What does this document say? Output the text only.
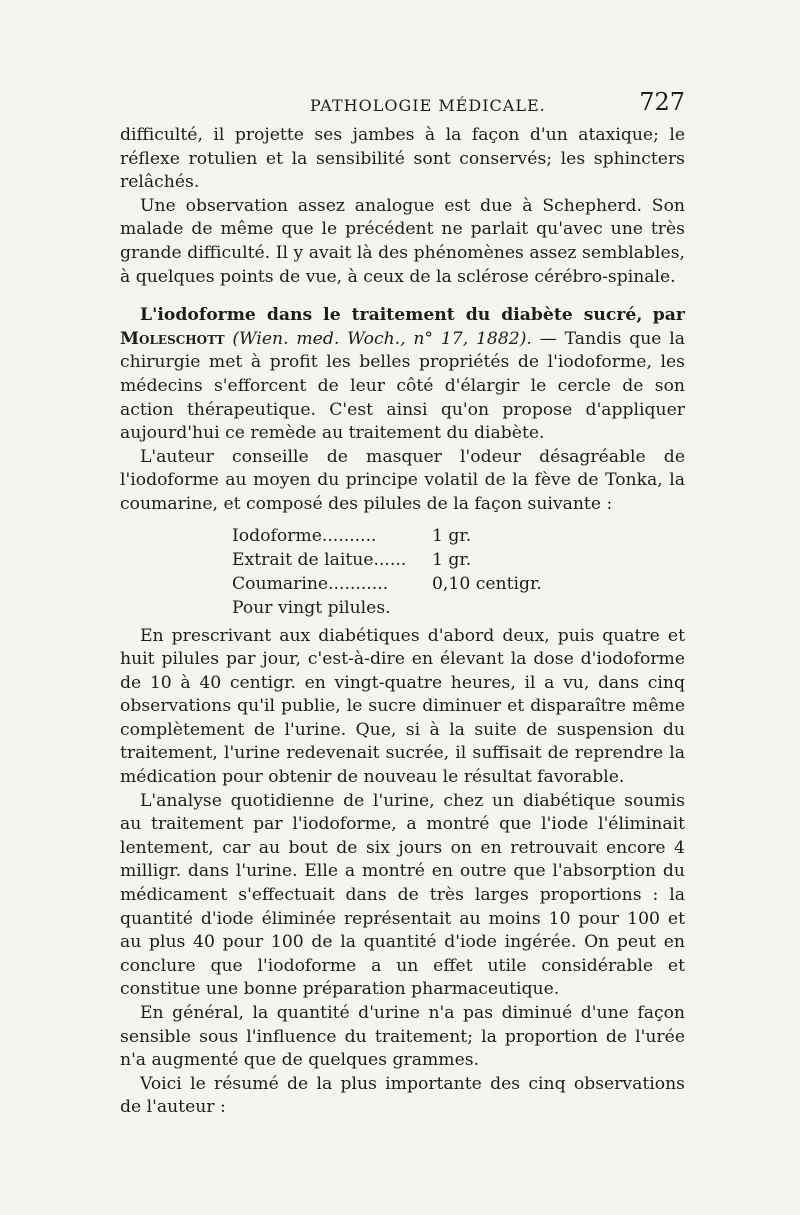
PATHOLOGIE MÉDICALE.	727

difficulté, il projette ses jambes à la façon d'un ataxique; le réflexe rotulien et la sensibilité sont conservés; les sphincters relâchés.

Une observation assez analogue est due à Schepherd. Son malade de même que le précédent ne parlait qu'avec une très grande difficulté. Il y avait là des phénomènes assez semblables, à quelques points de vue, à ceux de la sclérose cérébro-spinale.

L'iodoforme dans le traitement du diabète sucré, par Moleschott (Wien. med. Woch., n° 17, 1882). — Tandis que la chirurgie met à profit les belles propriétés de l'iodoforme, les médecins s'efforcent de leur côté d'élargir le cercle de son action thérapeutique. C'est ainsi qu'on propose d'appliquer aujourd'hui ce remède au traitement du diabète.

L'auteur conseille de masquer l'odeur désagréable de l'iodoforme au moyen du principe volatil de la fève de Tonka, la coumarine, et composé des pilules de la façon suivante :

Iodoforme..........	1 gr.
Extrait de laitue......	1 gr.
Coumarine...........	0,10 centigr.
Pour vingt pilules.

En prescrivant aux diabétiques d'abord deux, puis quatre et huit pilules par jour, c'est-à-dire en élevant la dose d'iodoforme de 10 à 40 centigr. en vingt-quatre heures, il a vu, dans cinq observations qu'il publie, le sucre diminuer et disparaître même complètement de l'urine. Que, si à la suite de suspension du traitement, l'urine redevenait sucrée, il suffisait de reprendre la médication pour obtenir de nouveau le résultat favorable.

L'analyse quotidienne de l'urine, chez un diabétique soumis au traitement par l'iodoforme, a montré que l'iode l'éliminait lentement, car au bout de six jours on en retrouvait encore 4 milligr. dans l'urine. Elle a montré en outre que l'absorption du médicament s'effectuait dans de très larges proportions : la quantité d'iode éliminée représentait au moins 10 pour 100 et au plus 40 pour 100 de la quantité d'iode ingérée. On peut en conclure que l'iodoforme a un effet utile considérable et constitue une bonne préparation pharmaceutique.

En général, la quantité d'urine n'a pas diminué d'une façon sensible sous l'influence du traitement; la proportion de l'urée n'a augmenté que de quelques grammes.

Voici le résumé de la plus importante des cinq observations de l'auteur :
